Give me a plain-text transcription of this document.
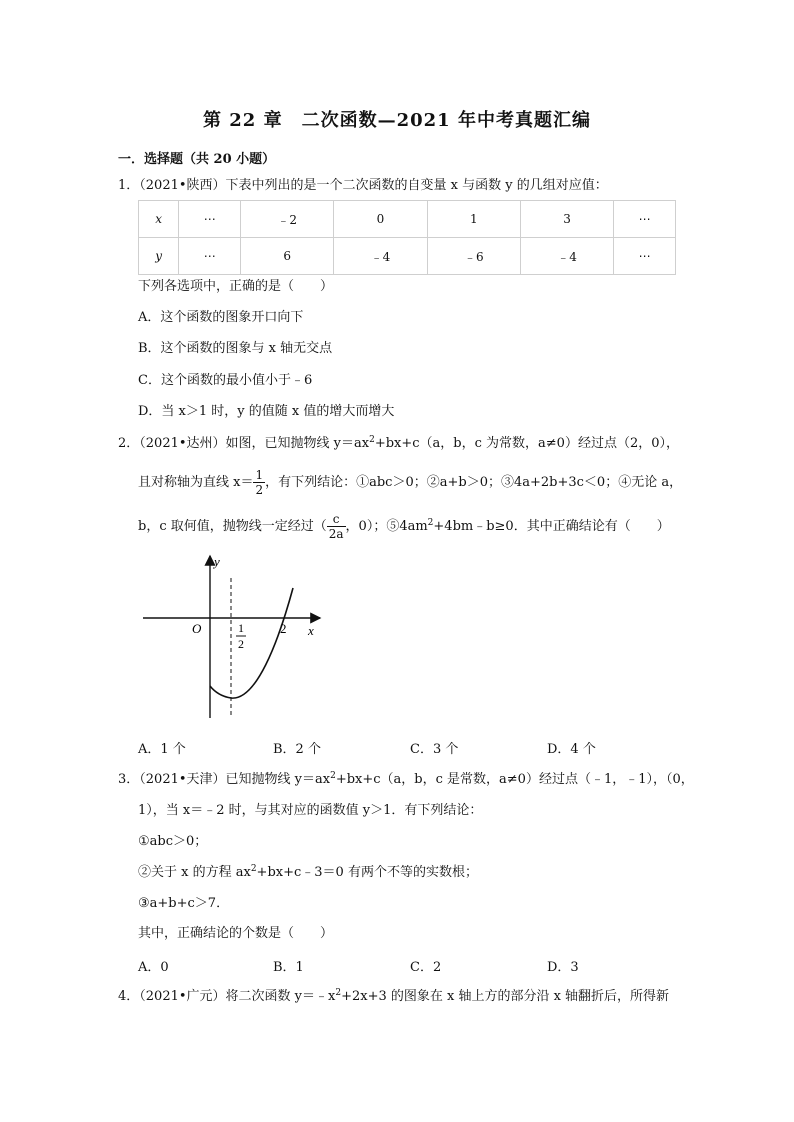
第 22 章　二次函数—2021 年中考真题汇编
一．选择题（共 20 小题）
1．（2021•陕西）下表中列出的是一个二次函数的自变量 x 与函数 y 的几组对应值：
x	⋯	﹣2	0	1	3	⋯
y	⋯	6	﹣4	﹣6	﹣4	⋯
下列各选项中，正确的是（　　）
A．这个函数的图象开口向下
B．这个函数的图象与 x 轴无交点
C．这个函数的最小值小于﹣6
D．当 x＞1 时，y 的值随 x 值的增大而增大
2．（2021•达州）如图，已知抛物线 $y=ax^2+bx+c(a$，b，c 为常数，a≠0）经过点（2，0），
且对称轴为直线 $x= \frac{1}{2}$ ，有下列结论：①abc＞0；②a+b＞0；③4a+2b+3c＜0；④无论 a，
b，c 取何值，抛物线一定经过（ $\frac{c}{2a}$ ，0）；$⑤4am^2+4bm﹣b\ge 0$．其中正确结论有（　　）
y
x
O	1
2
2
A．1 个	B．2 个	C．3 个	D．4 个
3．（2021•天津）已知抛物线 $y=ax^2+bx+c(a$，b，c 是常数，a≠0）经过点（﹣1，﹣1），（0，
1），当 x＝﹣2 时，与其对应的函数值 y＞1．有下列结论：
①abc＞0；
②关于 x 的方程 $ax^2+bx+c﹣3=0$ 有两个不等的实数根；
③a+b+c＞7．
其中，正确结论的个数是（　　）
A．0	B．1	C．2	D．3
4．（2021•广元）将二次函数 $y=﹣x^2+2x+3$ 的图象在 x 轴上方的部分沿 x 轴翻折后，所得新
